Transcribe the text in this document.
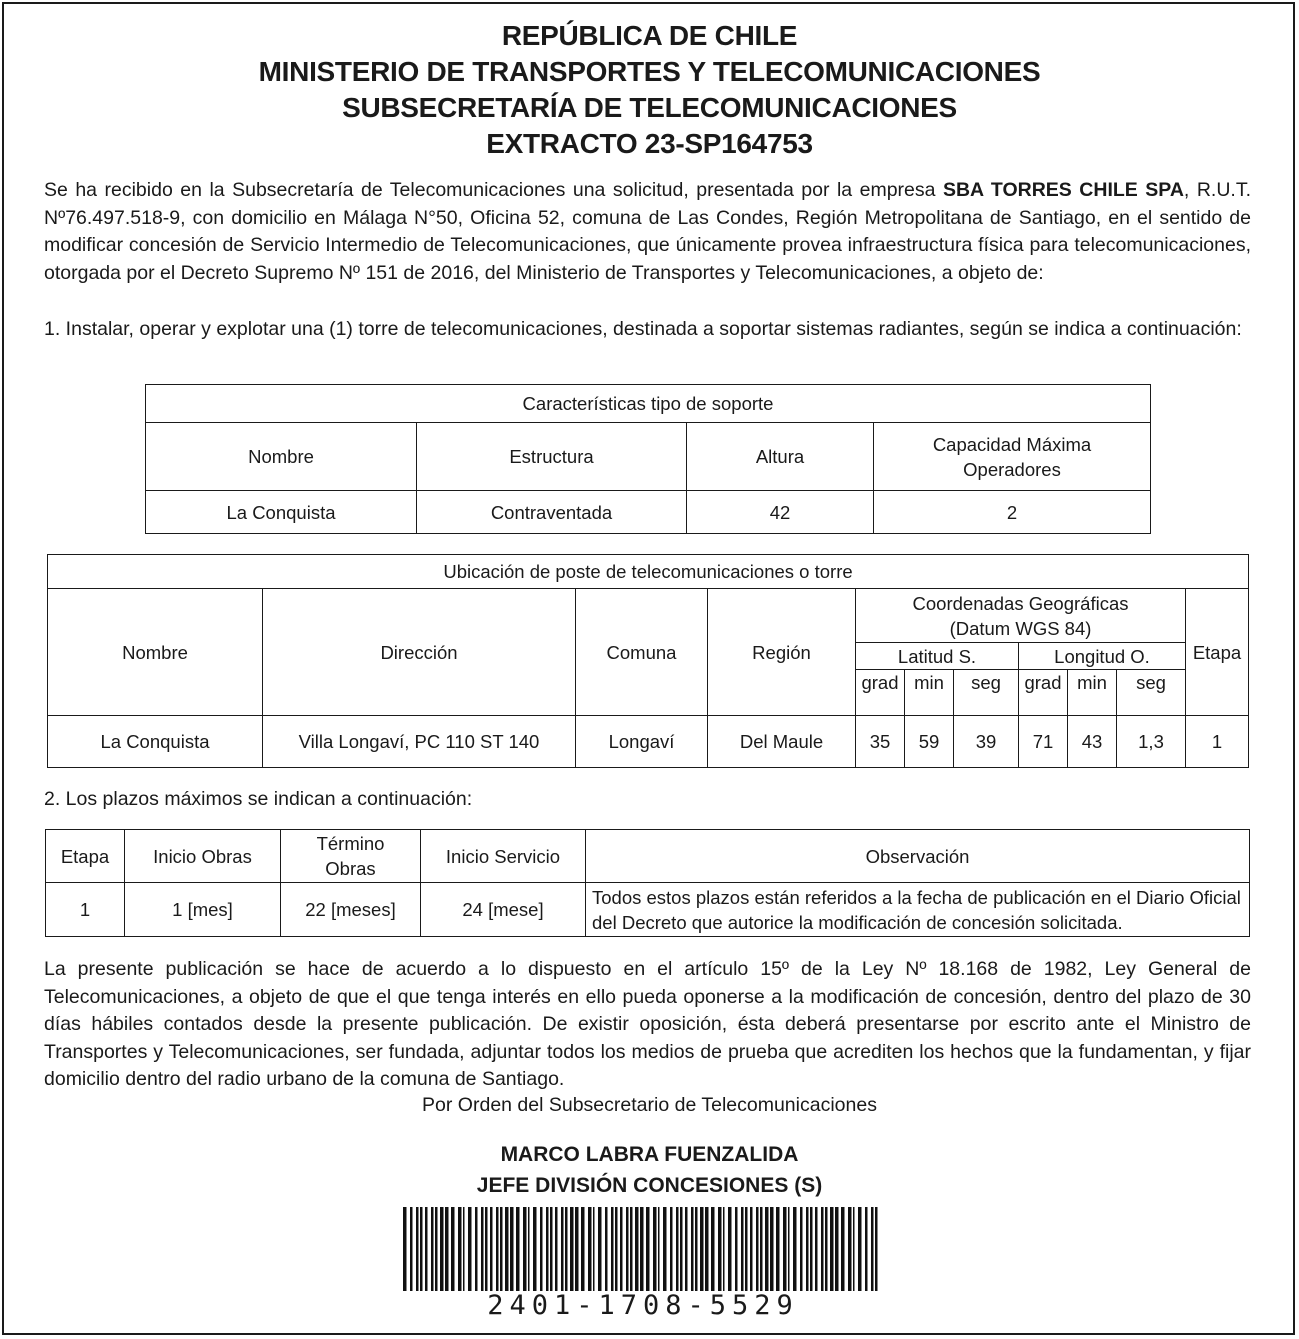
REPÚBLICA DE CHILE
MINISTERIO DE TRANSPORTES Y TELECOMUNICACIONES
SUBSECRETARÍA DE TELECOMUNICACIONES
EXTRACTO 23-SP164753
Se ha recibido en la Subsecretaría de Telecomunicaciones una solicitud, presentada por la empresa SBA TORRES CHILE SPA, R.U.T. Nº76.497.518-9, con domicilio en Málaga N°50, Oficina 52, comuna de Las Condes, Región Metropolitana de Santiago, en el sentido de modificar concesión de Servicio Intermedio de Telecomunicaciones, que únicamente provea infraestructura física para telecomunicaciones, otorgada por el Decreto Supremo Nº 151 de 2016, del Ministerio de Transportes y Telecomunicaciones, a objeto de:
1. Instalar, operar y explotar una (1) torre de telecomunicaciones, destinada a soportar sistemas radiantes, según se indica a continuación:
Características tipo de soporte			
Nombre	Estructura	Altura	Capacidad Máxima Operadores
La Conquista	Contraventada	42	2
Ubicación de poste de telecomunicaciones o torre										
Nombre	Dirección	Comuna	Región	Coordenadas Geográficas (Datum WGS 84)						Etapa
				Latitud S.			Longitud O.			
				grad	min	seg	grad	min	seg	
La Conquista	Villa Longaví, PC 110 ST 140	Longaví	Del Maule	35	59	39	71	43	1,3	1
2. Los plazos máximos se indican a continuación:
Etapa	Inicio Obras	Término Obras	Inicio Servicio	Observación
1	1 [mes]	22 [meses]	24 [mese]	Todos estos plazos están referidos a la fecha de publicación en el Diario Oficial del Decreto que autorice la modificación de concesión solicitada.
La presente publicación se hace de acuerdo a lo dispuesto en el artículo 15º de la Ley Nº 18.168 de 1982, Ley General de Telecomunicaciones, a objeto de que el que tenga interés en ello pueda oponerse a la modificación de concesión, dentro del plazo de 30 días hábiles contados desde la presente publicación. De existir oposición, ésta deberá presentarse por escrito ante el Ministro de Transportes y Telecomunicaciones, ser fundada, adjuntar todos los medios de prueba que acrediten los hechos que la fundamentan, y fijar domicilio dentro del radio urbano de la comuna de Santiago.
Por Orden del Subsecretario de Telecomunicaciones
MARCO LABRA FUENZALIDA
JEFE DIVISIÓN CONCESIONES (S)
2401-1708-5529
